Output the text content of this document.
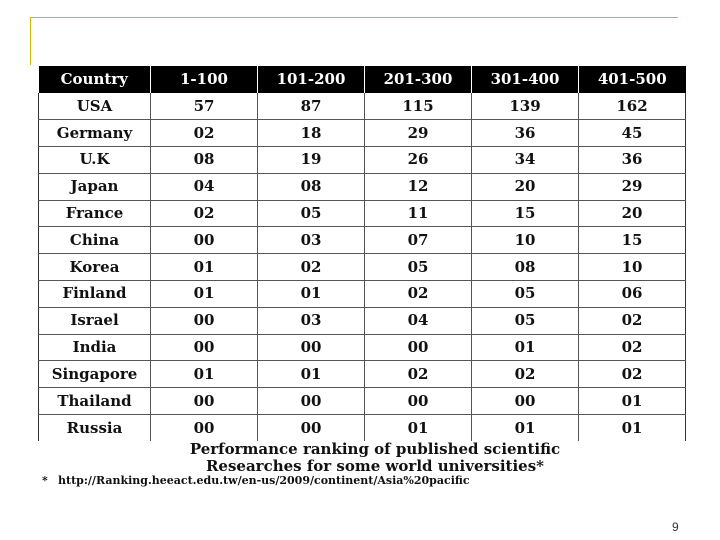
Country	1-100	101-200	201-300	301-400	401-500
USA	57	87	115	139	162
Germany	02	18	29	36	45
U.K	08	19	26	34	36
Japan	04	08	12	20	29
France	02	05	11	15	20
China	00	03	07	10	15
Korea	01	02	05	08	10
Finland	01	01	02	05	06
Israel	00	03	04	05	02
India	00	00	00	01	02
Singapore	01	01	02	02	02
Thailand	00	00	00	00	01
Russia	00	00	01	01	01
Performance ranking of published scientific
Researches for some world universities*
* http://Ranking.heeact.edu.tw/en-us/2009/continent/Asia%20pacific
9
